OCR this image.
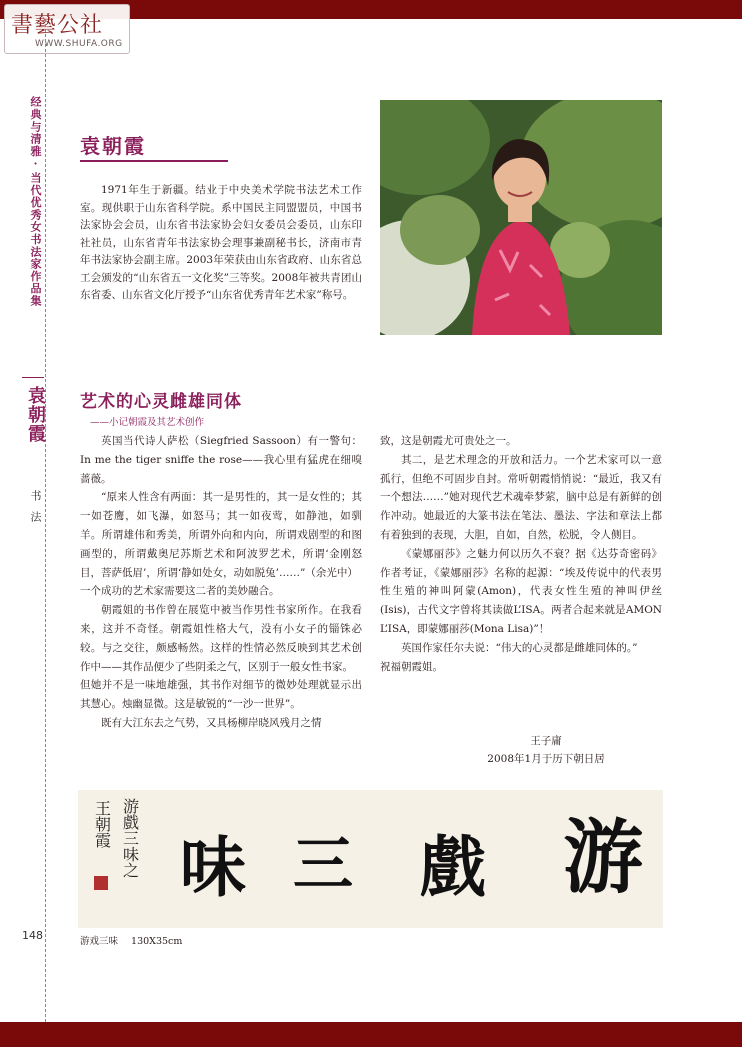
書藝公社
WWW.SHUFA.ORG
经典与清雅·当代优秀女书法家作品集
袁朝霞
书法
148
袁朝霞

1971年生于新疆。结业于中央美术学院书法艺术工作室。现供职于山东省科学院。系中国民主同盟盟员，中国书法家协会会员，山东省书法家协会妇女委员会委员，山东印社社员，山东省青年书法家协会理事兼副秘书长，济南市青年书法家协会副主席。2003年荣获由山东省政府、山东省总工会颁发的“山东省五一文化奖”三等奖。2008年被共青团山东省委、山东省文化厅授予“山东省优秀青年艺术家”称号。

艺术的心灵雌雄同体
——小记朝霞及其艺术创作

英国当代诗人萨松（Siegfried Sassoon）有一警句：In me the tiger sniffe the rose——我心里有猛虎在细嗅蔷薇。

“原来人性含有两面：其一是男性的，其一是女性的；其一如苍鹰，如飞瀑，如怒马；其一如夜莺，如静池，如驯羊。所谓雄伟和秀美，所谓外向和内向，所谓戏剧型的和图画型的，所谓戴奥尼苏斯艺术和阿波罗艺术，所谓‘金刚怒目，菩萨低眉’，所谓‘静如处女，动如脱兔’……”（余光中）

一个成功的艺术家需要这二者的美妙融合。

朝霞姐的书作曾在展览中被当作男性书家所作。在我看来，这并不奇怪。朝霞姐性格大气，没有小女子的锱铢必较。与之交往，颇感畅然。这样的性情必然反映到其艺术创作中——其作品便少了些阴柔之气，区别于一般女性书家。

但她并不是一味地雄强，其书作对细节的微妙处理就显示出其慧心。烛幽显微。这是敏锐的“一沙一世界”。

既有大江东去之气势，又具杨柳岸晓风残月之情

致，这是朝霞尤可贵处之一。

其二，是艺术理念的开放和活力。一个艺术家可以一意孤行，但绝不可固步自封。常听朝霞悄悄说：“最近，我又有一个想法……”她对现代艺术魂牵梦萦，脑中总是有新鲜的创作冲动。她最近的大篆书法在笔法、墨法、字法和章法上都有着独到的表现，大胆，自如，自然，松脱，令人侧目。

《蒙娜丽莎》之魅力何以历久不衰？据《达芬奇密码》作者考证，《蒙娜丽莎》名称的起源：“埃及传说中的代表男性生殖的神叫阿蒙(Amon)，代表女性生殖的神叫伊丝(Isis)，古代文字曾将其读做L’ISA。两者合起来就是AMON L’ISA，即蒙娜丽莎(Mona Lisa)”！

英国作家任尔夫说：“伟大的心灵都是雌雄同体的。”

祝福朝霞姐。

王子庸
2008年1月于历下朝日居
游戲三味之
王朝霞	游
戲
三
味
游戏三味 130X35cm
